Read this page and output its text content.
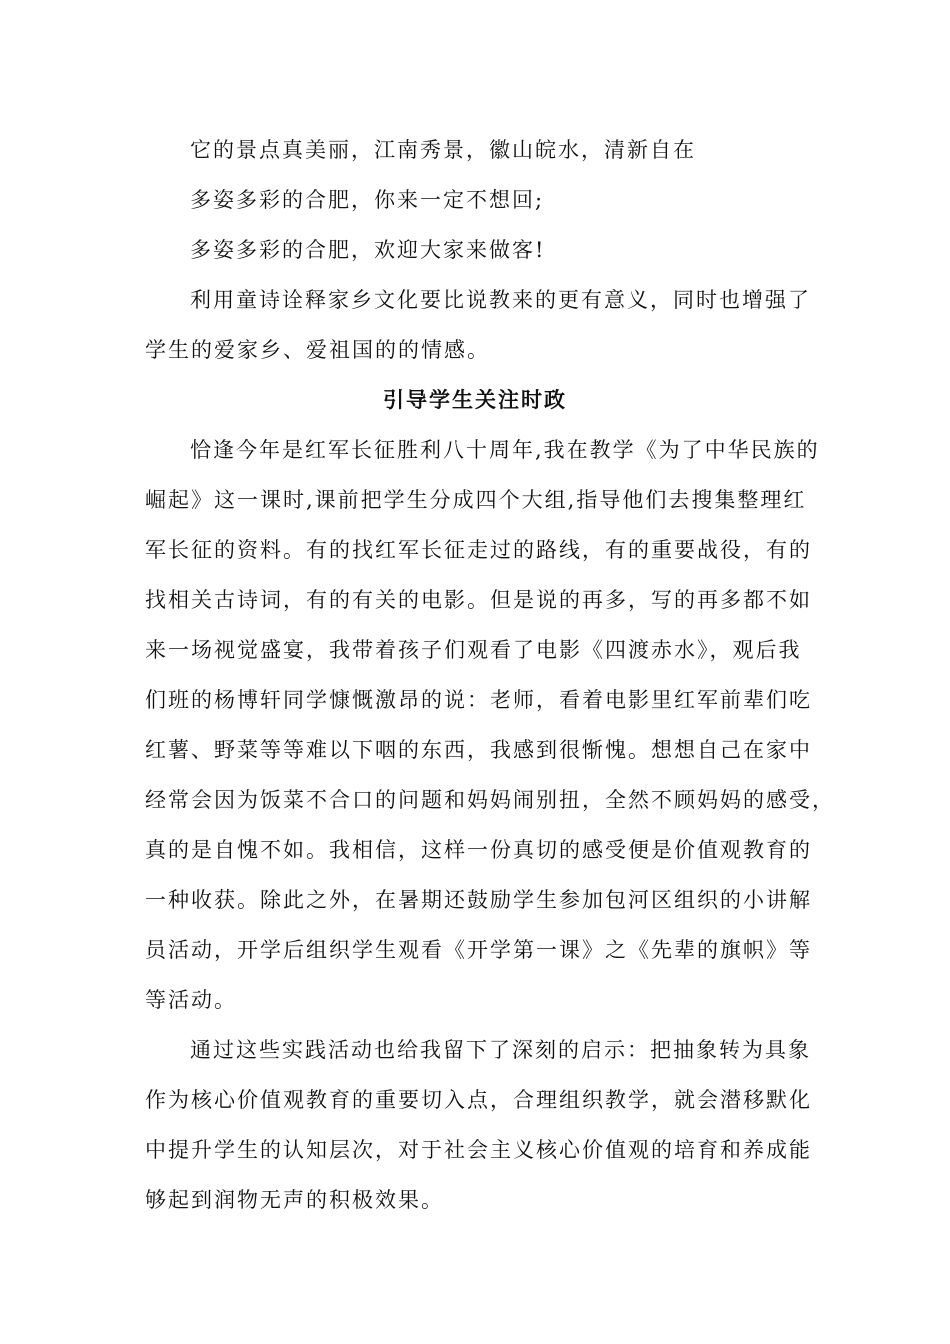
它的景点真美丽，江南秀景，徽山皖水，清新自在
多姿多彩的合肥，你来一定不想回;
多姿多彩的合肥，欢迎大家来做客!
利用童诗诠释家乡文化要比说教来的更有意义，同时也增强了
学生的爱家乡、爱祖国的的情感。
引导学生关注时政
恰逢今年是红军长征胜利八十周年,我在教学《为了中华民族的
崛起》这一课时,课前把学生分成四个大组,指导他们去搜集整理红
军长征的资料。有的找红军长征走过的路线，有的重要战役，有的
找相关古诗词，有的有关的电影。但是说的再多，写的再多都不如
来一场视觉盛宴，我带着孩子们观看了电影《四渡赤水》，观后我
们班的杨博轩同学慷慨激昂的说：老师，看着电影里红军前辈们吃
红薯、野菜等等难以下咽的东西，我感到很惭愧。想想自己在家中
经常会因为饭菜不合口的问题和妈妈闹别扭，全然不顾妈妈的感受，
真的是自愧不如。我相信，这样一份真切的感受便是价值观教育的
一种收获。除此之外，在暑期还鼓励学生参加包河区组织的小讲解
员活动，开学后组织学生观看《开学第一课》之《先辈的旗帜》等
等活动。
通过这些实践活动也给我留下了深刻的启示：把抽象转为具象
作为核心价值观教育的重要切入点，合理组织教学，就会潜移默化
中提升学生的认知层次，对于社会主义核心价值观的培育和养成能
够起到润物无声的积极效果。
